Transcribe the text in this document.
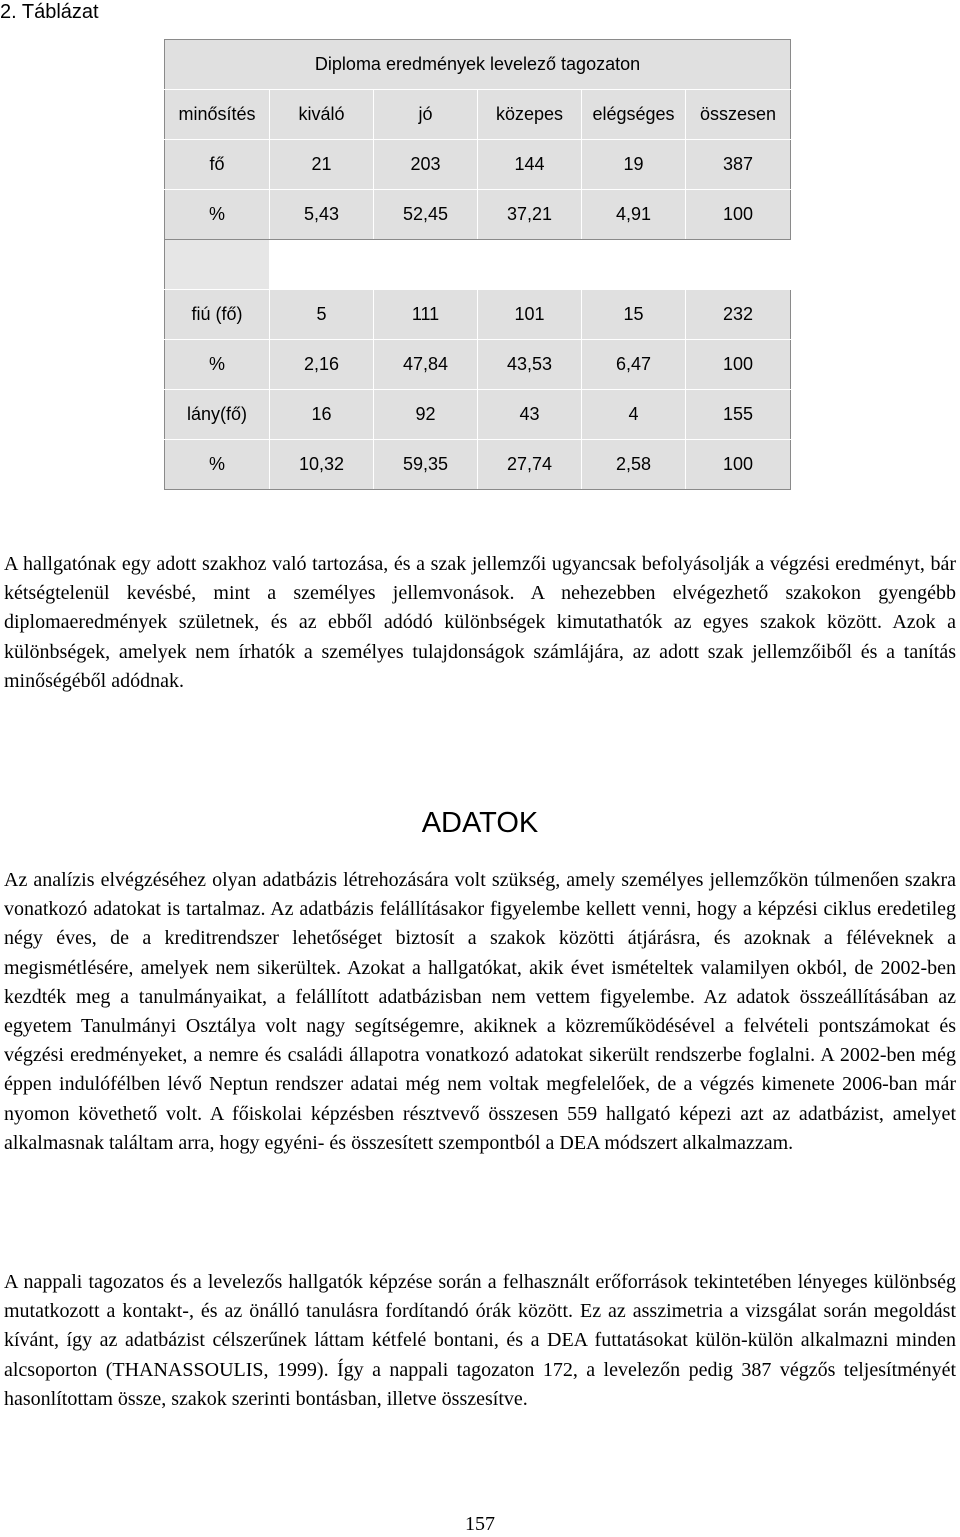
2. Táblázat
Diploma eredmények levelező tagozaton					
minősítés	kiváló	jó	közepes	elégséges	összesen
fő	21	203	144	19	387
%	5,43	52,45	37,21	4,91	100

fiú (fő)	5	111	101	15	232
%	2,16	47,84	43,53	6,47	100
lány(fő)	16	92	43	4	155
%	10,32	59,35	27,74	2,58	100

A hallgatónak egy adott szakhoz való tartozása, és a szak jellemzői ugyancsak befolyásolják a végzési eredményt, bár kétségtelenül kevésbé, mint a személyes jellemvonások. A nehezebben elvégezhető szakokon gyengébb diplomaeredmények születnek, és az ebből adódó különbségek kimutathatók az egyes szakok között. Azok a különbségek, amelyek nem írhatók a személyes tulajdonságok számlájára, az adott szak jellemzőiből és a tanítás minőségéből adódnak.

ADATOK

Az analízis elvégzéséhez olyan adatbázis létrehozására volt szükség, amely személyes jellemzőkön túlmenően szakra vonatkozó adatokat is tartalmaz. Az adatbázis felállításakor figyelembe kellett venni, hogy a képzési ciklus eredetileg négy éves, de a kreditrendszer lehetőséget biztosít a szakok közötti átjárásra, és azoknak a féléveknek a megismétlésére, amelyek nem sikerültek. Azokat a hallgatókat, akik évet ismételtek valamilyen okból, de 2002-ben kezdték meg a tanulmányaikat, a felállított adatbázisban nem vettem figyelembe. Az adatok összeállításában az egyetem Tanulmányi Osztálya volt nagy segítségemre, akiknek a közreműködésével a felvételi pontszámokat és végzési eredményeket, a nemre és családi állapotra vonatkozó adatokat sikerült rendszerbe foglalni. A 2002-ben még éppen indulófélben lévő Neptun rendszer adatai még nem voltak megfelelőek, de a végzés kimenete 2006-ban már nyomon követhető volt. A főiskolai képzésben résztvevő összesen 559 hallgató képezi azt az adatbázist, amelyet alkalmasnak találtam arra, hogy egyéni- és összesített szempontból a DEA módszert alkalmazzam.

A nappali tagozatos és a levelezős hallgatók képzése során a felhasznált erőforrások tekintetében lényeges különbség mutatkozott a kontakt-, és az önálló tanulásra fordítandó órák között. Ez az asszimetria a vizsgálat során megoldást kívánt, így az adatbázist célszerűnek láttam kétfelé bontani, és a DEA futtatásokat külön-külön alkalmazni minden alcsoporton (THANASSOULIS, 1999). Így a nappali tagozaton 172, a levelezőn pedig 387 végzős teljesítményét hasonlítottam össze, szakok szerinti bontásban, illetve összesítve.

157
